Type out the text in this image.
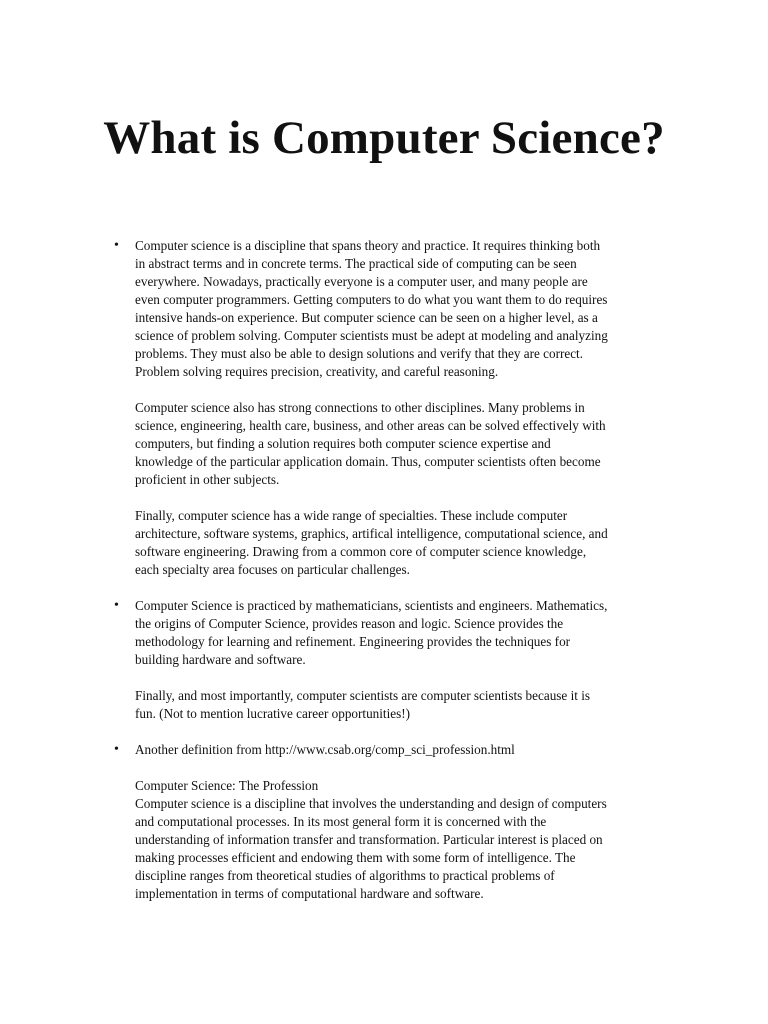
What is Computer Science?
• Computer science is a discipline that spans theory and practice. It requires thinking both
in abstract terms and in concrete terms. The practical side of computing can be seen
everywhere. Nowadays, practically everyone is a computer user, and many people are
even computer programmers. Getting computers to do what you want them to do requires
intensive hands-on experience. But computer science can be seen on a higher level, as a
science of problem solving. Computer scientists must be adept at modeling and analyzing
problems. They must also be able to design solutions and verify that they are correct.
Problem solving requires precision, creativity, and careful reasoning.

Computer science also has strong connections to other disciplines. Many problems in
science, engineering, health care, business, and other areas can be solved effectively with
computers, but finding a solution requires both computer science expertise and
knowledge of the particular application domain. Thus, computer scientists often become
proficient in other subjects.

Finally, computer science has a wide range of specialties. These include computer
architecture, software systems, graphics, artifical intelligence, computational science, and
software engineering. Drawing from a common core of computer science knowledge,
each specialty area focuses on particular challenges.

• Computer Science is practiced by mathematicians, scientists and engineers. Mathematics,
the origins of Computer Science, provides reason and logic. Science provides the
methodology for learning and refinement. Engineering provides the techniques for
building hardware and software.

Finally, and most importantly, computer scientists are computer scientists because it is
fun. (Not to mention lucrative career opportunities!)

• Another definition from http://www.csab.org/comp_sci_profession.html

Computer Science: The Profession

Computer science is a discipline that involves the understanding and design of computers
and computational processes. In its most general form it is concerned with the
understanding of information transfer and transformation. Particular interest is placed on
making processes efficient and endowing them with some form of intelligence. The
discipline ranges from theoretical studies of algorithms to practical problems of
implementation in terms of computational hardware and software.
